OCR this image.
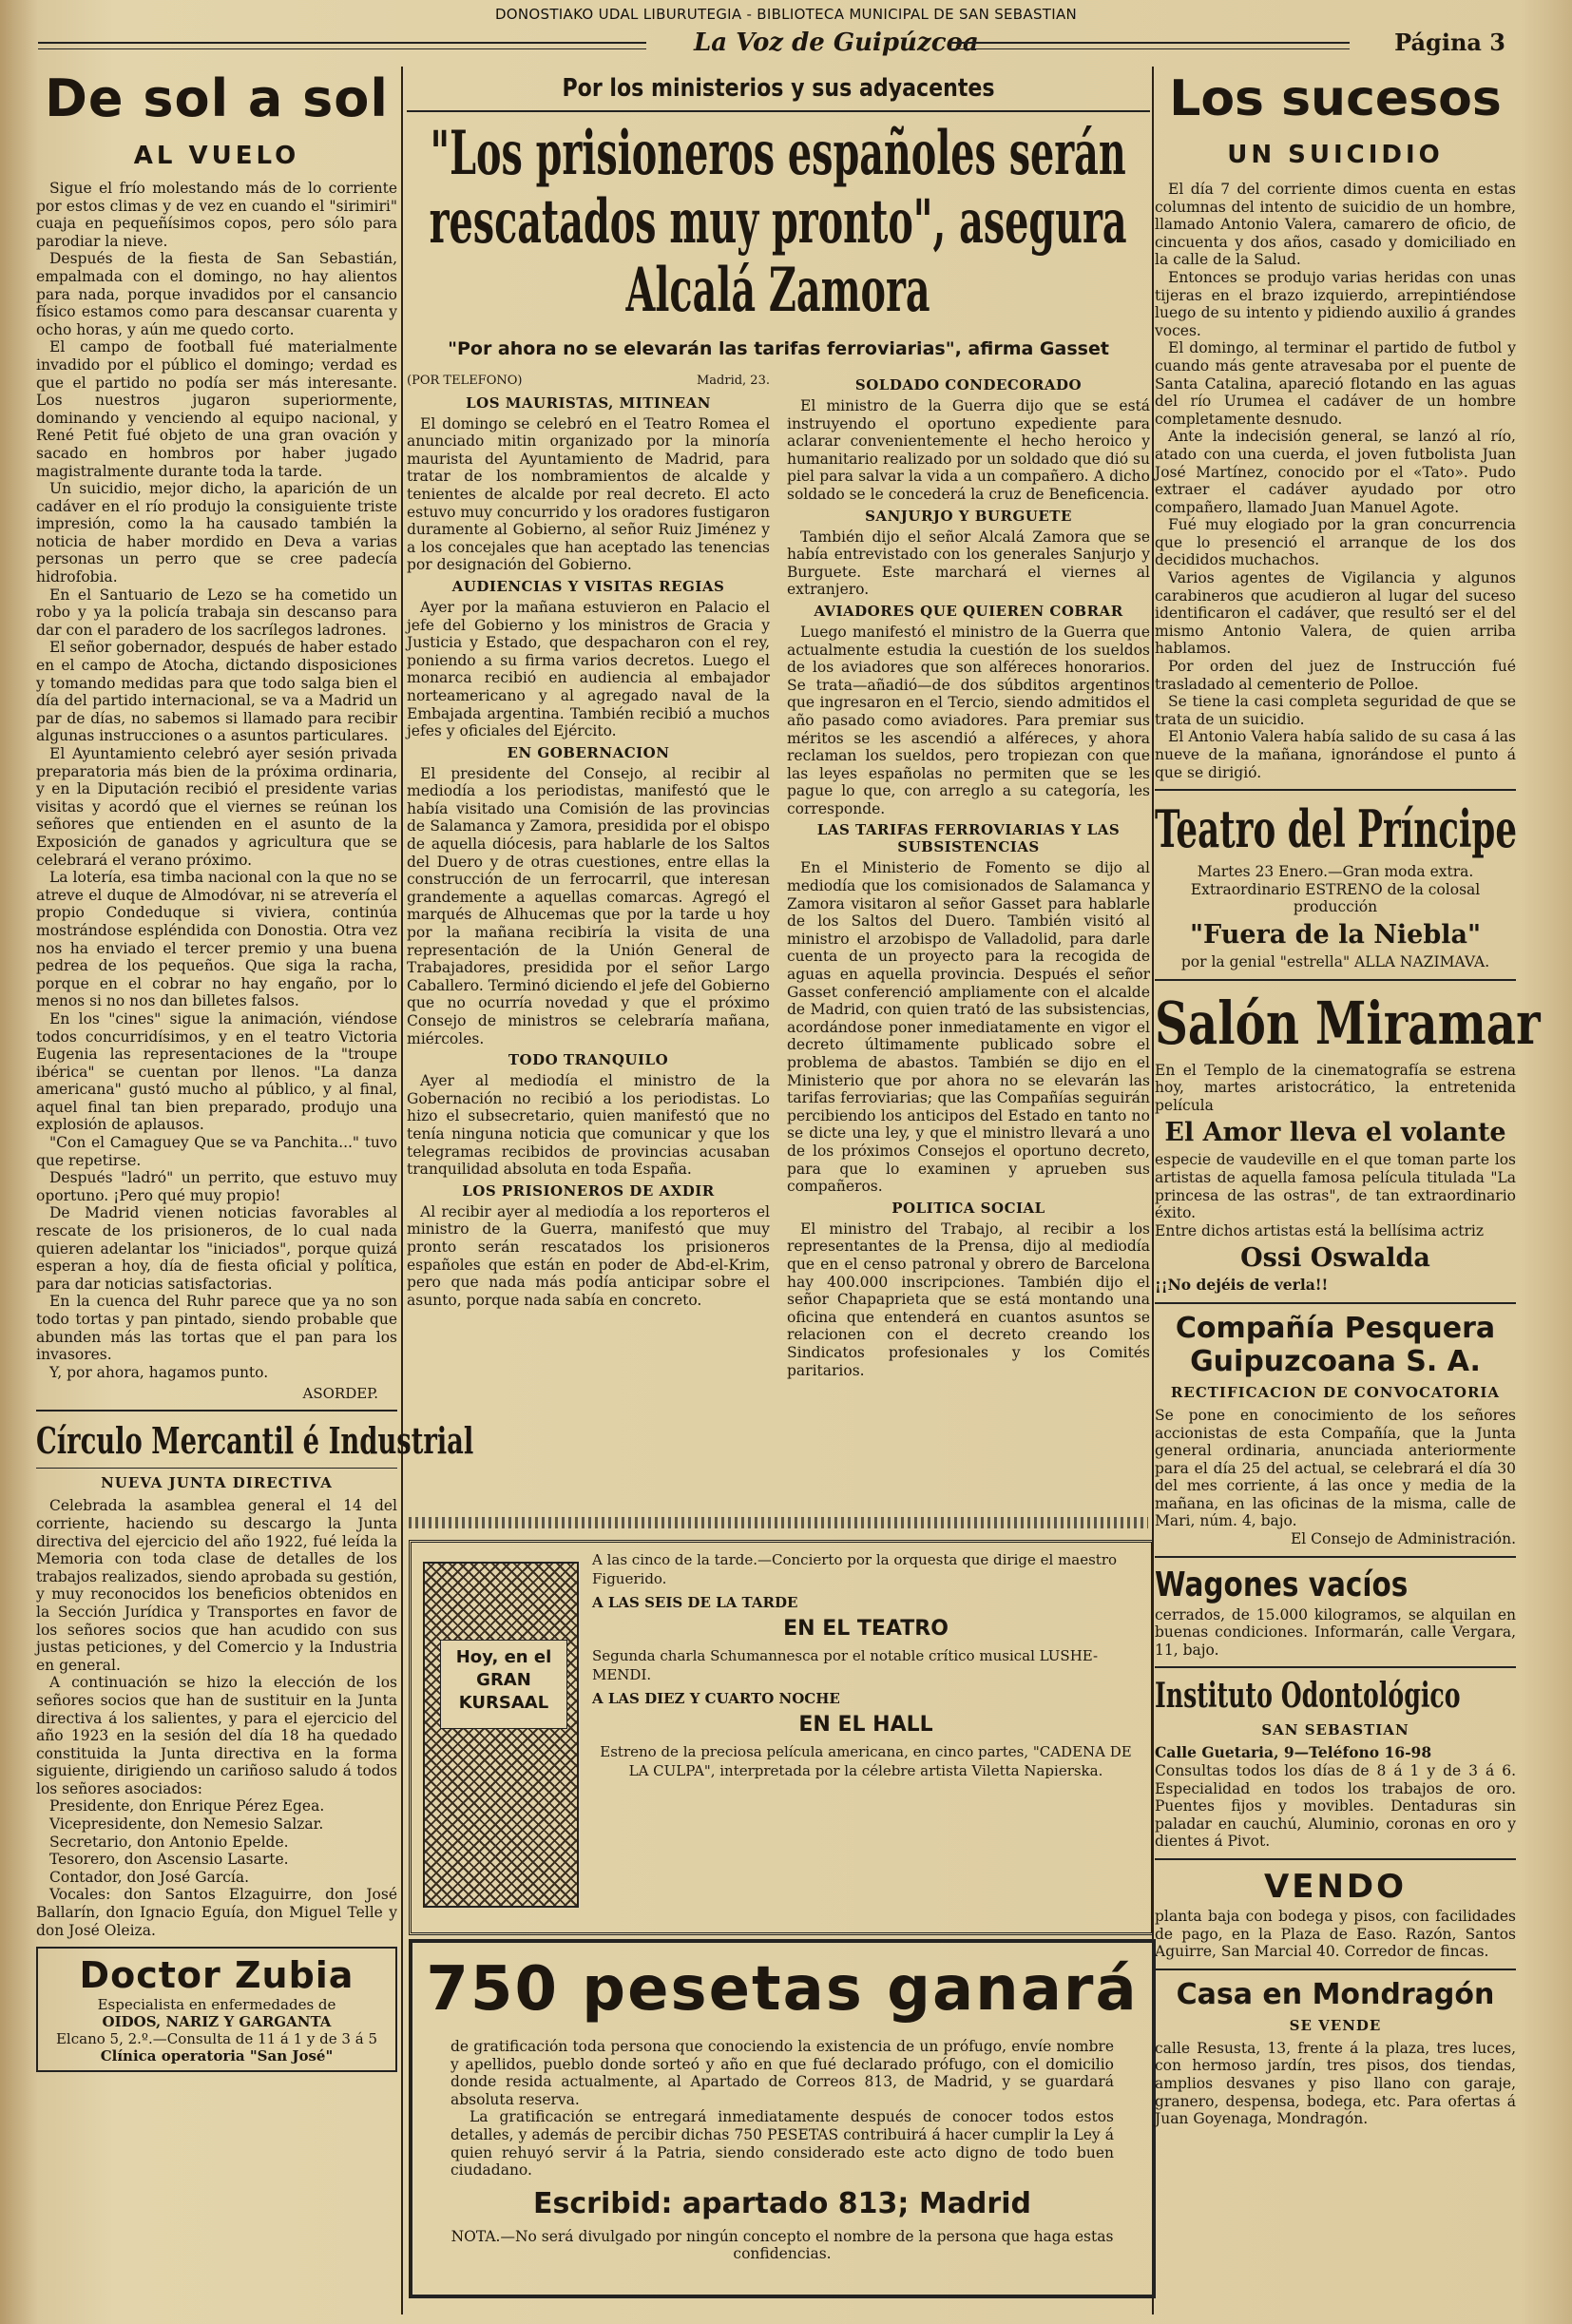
DONOSTIAKO UDAL LIBURUTEGIA - BIBLIOTECA MUNICIPAL DE SAN SEBASTIAN
La Voz de Guipúzcoa	Página 3
De sol a sol
AL VUELO

Sigue el frío molestando más de lo corriente por estos climas y de vez en cuando el "sirimiri" cuaja en pequeñísimos copos, pero sólo para parodiar la nieve.

Después de la fiesta de San Sebastián, empalmada con el domingo, no hay alientos para nada, porque invadidos por el cansancio físico estamos como para descansar cuarenta y ocho horas, y aún me quedo corto.

El campo de football fué materialmente invadido por el público el domingo; verdad es que el partido no podía ser más interesante. Los nuestros jugaron superiormente, dominando y venciendo al equipo nacional, y René Petit fué objeto de una gran ovación y sacado en hombros por haber jugado magistralmente durante toda la tarde.

Un suicidio, mejor dicho, la aparición de un cadáver en el río produjo la consiguiente triste impresión, como la ha causado también la noticia de haber mordido en Deva a varias personas un perro que se cree padecía hidrofobia.

En el Santuario de Lezo se ha cometido un robo y ya la policía trabaja sin descanso para dar con el paradero de los sacrílegos ladrones.

El señor gobernador, después de haber estado en el campo de Atocha, dictando disposiciones y tomando medidas para que todo salga bien el día del partido internacional, se va a Madrid un par de días, no sabemos si llamado para recibir algunas instrucciones o a asuntos particulares.

El Ayuntamiento celebró ayer sesión privada preparatoria más bien de la próxima ordinaria, y en la Diputación recibió el presidente varias visitas y acordó que el viernes se reúnan los señores que entienden en el asunto de la Exposición de ganados y agricultura que se celebrará el verano próximo.

La lotería, esa timba nacional con la que no se atreve el duque de Almodóvar, ni se atrevería el propio Condeduque si viviera, continúa mostrándose espléndida con Donostia. Otra vez nos ha enviado el tercer premio y una buena pedrea de los pequeños. Que siga la racha, porque en el cobrar no hay engaño, por lo menos si no nos dan billetes falsos.

En los "cines" sigue la animación, viéndose todos concurridísimos, y en el teatro Victoria Eugenia las representaciones de la "troupe ibérica" se cuentan por llenos. "La danza americana" gustó mucho al público, y al final, aquel final tan bien preparado, produjo una explosión de aplausos.

"Con el Camaguey Que se va Panchita..." tuvo que repetirse.

Después "ladró" un perrito, que estuvo muy oportuno. ¡Pero qué muy propio!

De Madrid vienen noticias favorables al rescate de los prisioneros, de lo cual nada quieren adelantar los "iniciados", porque quizá esperan a hoy, día de fiesta oficial y política, para dar noticias satisfactorias.

En la cuenca del Ruhr parece que ya no son todo tortas y pan pintado, siendo probable que abunden más las tortas que el pan para los invasores.

Y, por ahora, hagamos punto.

ASORDEP.
Círculo Mercantil é Industrial
NUEVA JUNTA DIRECTIVA

Celebrada la asamblea general el 14 del corriente, haciendo su descargo la Junta directiva del ejercicio del año 1922, fué leída la Memoria con toda clase de detalles de los trabajos realizados, siendo aprobada su gestión, y muy reconocidos los beneficios obtenidos en la Sección Jurídica y Transportes en favor de los señores socios que han acudido con sus justas peticiones, y del Comercio y la Industria en general.

A continuación se hizo la elección de los señores socios que han de sustituir en la Junta directiva á los salientes, y para el ejercicio del año 1923 en la sesión del día 18 ha quedado constituida la Junta directiva en la forma siguiente, dirigiendo un cariñoso saludo á todos los señores asociados:

Presidente, don Enrique Pérez Egea.

Vicepresidente, don Nemesio Salzar.

Secretario, don Antonio Epelde.

Tesorero, don Ascensio Lasarte.

Contador, don José García.

Vocales: don Santos Elzaguirre, don José Ballarín, don Ignacio Eguía, don Miguel Telle y don José Oleiza.

Doctor Zubia
Especialista en enfermedades de
OIDOS, NARIZ Y GARGANTA
Elcano 5, 2.º.—Consulta de 11 á 1 y de 3 á 5
Clínica operatoria "San José"
Por los ministerios y sus adyacentes
"Los prisioneros españoles serán rescatados muy pronto", asegura Alcalá Zamora
"Por ahora no se elevarán las tarifas ferroviarias", afirma Gasset
(POR TELEFONO)	Madrid, 23.
LOS MAURISTAS, MITINEAN

El domingo se celebró en el Teatro Romea el anunciado mitin organizado por la minoría maurista del Ayuntamiento de Madrid, para tratar de los nombramientos de alcalde y tenientes de alcalde por real decreto. El acto estuvo muy concurrido y los oradores fustigaron duramente al Gobierno, al señor Ruiz Jiménez y a los concejales que han aceptado las tenencias por designación del Gobierno.

AUDIENCIAS Y VISITAS REGIAS

Ayer por la mañana estuvieron en Palacio el jefe del Gobierno y los ministros de Gracia y Justicia y Estado, que despacharon con el rey, poniendo a su firma varios decretos. Luego el monarca recibió en audiencia al embajador norteamericano y al agregado naval de la Embajada argentina. También recibió a muchos jefes y oficiales del Ejército.

EN GOBERNACION

El presidente del Consejo, al recibir al mediodía a los periodistas, manifestó que le había visitado una Comisión de las provincias de Salamanca y Zamora, presidida por el obispo de aquella diócesis, para hablarle de los Saltos del Duero y de otras cuestiones, entre ellas la construcción de un ferrocarril, que interesan grandemente a aquellas comarcas. Agregó el marqués de Alhucemas que por la tarde u hoy por la mañana recibiría la visita de una representación de la Unión General de Trabajadores, presidida por el señor Largo Caballero. Terminó diciendo el jefe del Gobierno que no ocurría novedad y que el próximo Consejo de ministros se celebraría mañana, miércoles.

TODO TRANQUILO

Ayer al mediodía el ministro de la Gobernación no recibió a los periodistas. Lo hizo el subsecretario, quien manifestó que no tenía ninguna noticia que comunicar y que los telegramas recibidos de provincias acusaban tranquilidad absoluta en toda España.

LOS PRISIONEROS DE AXDIR

Al recibir ayer al mediodía a los reporteros el ministro de la Guerra, manifestó que muy pronto serán rescatados los prisioneros españoles que están en poder de Abd-el-Krim, pero que nada más podía anticipar sobre el asunto, porque nada sabía en concreto.

SOLDADO CONDECORADO

El ministro de la Guerra dijo que se está instruyendo el oportuno expediente para aclarar convenientemente el hecho heroico y humanitario realizado por un soldado que dió su piel para salvar la vida a un compañero. A dicho soldado se le concederá la cruz de Beneficencia.

SANJURJO Y BURGUETE

También dijo el señor Alcalá Zamora que se había entrevistado con los generales Sanjurjo y Burguete. Este marchará el viernes al extranjero.

AVIADORES QUE QUIEREN COBRAR

Luego manifestó el ministro de la Guerra que actualmente estudia la cuestión de los sueldos de los aviadores que son alféreces honorarios. Se trata—añadió—de dos súbditos argentinos que ingresaron en el Tercio, siendo admitidos el año pasado como aviadores. Para premiar sus méritos se les ascendió a alféreces, y ahora reclaman los sueldos, pero tropiezan con que las leyes españolas no permiten que se les pague lo que, con arreglo a su categoría, les corresponde.

LAS TARIFAS FERROVIARIAS Y LAS SUBSISTENCIAS

En el Ministerio de Fomento se dijo al mediodía que los comisionados de Salamanca y Zamora visitaron al señor Gasset para hablarle de los Saltos del Duero. También visitó al ministro el arzobispo de Valladolid, para darle cuenta de un proyecto para la recogida de aguas en aquella provincia. Después el señor Gasset conferenció ampliamente con el alcalde de Madrid, con quien trató de las subsistencias, acordándose poner inmediatamente en vigor el decreto últimamente publicado sobre el problema de abastos. También se dijo en el Ministerio que por ahora no se elevarán las tarifas ferroviarias; que las Compañías seguirán percibiendo los anticipos del Estado en tanto no se dicte una ley, y que el ministro llevará a uno de los próximos Consejos el oportuno decreto, para que lo examinen y aprueben sus compañeros.

POLITICA SOCIAL

El ministro del Trabajo, al recibir a los representantes de la Prensa, dijo al mediodía que en el censo patronal y obrero de Barcelona hay 400.000 inscripciones. También dijo el señor Chapaprieta que se está montando una oficina que entenderá en cuantos asuntos se relacionen con el decreto creando los Sindicatos profesionales y los Comités paritarios.

Hoy, en el GRAN KURSAAL
A las cinco de la tarde.—Concierto por la orquesta que dirige el maestro Figuerido.
A LAS SEIS DE LA TARDE
EN EL TEATRO
Segunda charla Schumannesca por el notable crítico musical LUSHE-MENDI.
A LAS DIEZ Y CUARTO NOCHE
EN EL HALL
Estreno de la preciosa película americana, en cinco partes, "CADENA DE LA CULPA", interpretada por la célebre artista Viletta Napierska.
750 pesetas ganará
de gratificación toda persona que conociendo la existencia de un prófugo, envíe nombre y apellidos, pueblo donde sorteó y año en que fué declarado prófugo, con el domicilio donde resida actualmente, al Apartado de Correos 813, de Madrid, y se guardará absoluta reserva.
La gratificación se entregará inmediatamente después de conocer todos estos detalles, y además de percibir dichas 750 PESETAS contribuirá á hacer cumplir la Ley á quien rehuyó servir á la Patria, siendo considerado este acto digno de todo buen ciudadano.
Escribid: apartado 813; Madrid
NOTA.—No será divulgado por ningún concepto el nombre de la persona que haga estas confidencias.
Los sucesos
UN SUICIDIO

El día 7 del corriente dimos cuenta en estas columnas del intento de suicidio de un hombre, llamado Antonio Valera, camarero de oficio, de cincuenta y dos años, casado y domiciliado en la calle de la Salud.

Entonces se produjo varias heridas con unas tijeras en el brazo izquierdo, arrepintiéndose luego de su intento y pidiendo auxilio á grandes voces.

El domingo, al terminar el partido de futbol y cuando más gente atravesaba por el puente de Santa Catalina, apareció flotando en las aguas del río Urumea el cadáver de un hombre completamente desnudo.

Ante la indecisión general, se lanzó al río, atado con una cuerda, el joven futbolista Juan José Martínez, conocido por el «Tato». Pudo extraer el cadáver ayudado por otro compañero, llamado Juan Manuel Agote.

Fué muy elogiado por la gran concurrencia que lo presenció el arranque de los dos decididos muchachos.

Varios agentes de Vigilancia y algunos carabineros que acudieron al lugar del suceso identificaron el cadáver, que resultó ser el del mismo Antonio Valera, de quien arriba hablamos.

Por orden del juez de Instrucción fué trasladado al cementerio de Polloe.

Se tiene la casi completa seguridad de que se trata de un suicidio.

El Antonio Valera había salido de su casa á las nueve de la mañana, ignorándose el punto á que se dirigió.

Teatro del Príncipe
Martes 23 Enero.—Gran moda extra.
Extraordinario ESTRENO de la colosal producción
"Fuera de la Niebla"
por la genial "estrella" ALLA NAZIMAVA.
Salón Miramar
En el Templo de la cinematografía se estrena hoy, martes aristocrático, la entretenida película
El Amor lleva el volante
especie de vaudeville en el que toman parte los artistas de aquella famosa película titulada "La princesa de las ostras", de tan extraordinario éxito.
Entre dichos artistas está la bellísima actriz
Ossi Oswalda
¡¡No dejéis de verla!!
Compañía Pesquera Guipuzcoana S. A.
RECTIFICACION DE CONVOCATORIA
Se pone en conocimiento de los señores accionistas de esta Compañía, que la Junta general ordinaria, anunciada anteriormente para el día 25 del actual, se celebrará el día 30 del mes corriente, á las once y media de la mañana, en las oficinas de la misma, calle de Mari, núm. 4, bajo.
El Consejo de Administración.
Wagones vacíos
cerrados, de 15.000 kilogramos, se alquilan en buenas condiciones. Informarán, calle Vergara, 11, bajo.
Instituto Odontológico
SAN SEBASTIAN
Calle Guetaria, 9—Teléfono 16-98
Consultas todos los días de 8 á 1 y de 3 á 6. Especialidad en todos los trabajos de oro. Puentes fijos y movibles. Dentaduras sin paladar en cauchú, Aluminio, coronas en oro y dientes á Pivot.
VENDO
planta baja con bodega y pisos, con facilidades de pago, en la Plaza de Easo. Razón, Santos Aguirre, San Marcial 40. Corredor de fincas.
Casa en Mondragón
SE VENDE
calle Resusta, 13, frente á la plaza, tres luces, con hermoso jardín, tres pisos, dos tiendas, amplios desvanes y piso llano con garaje, granero, despensa, bodega, etc. Para ofertas á Juan Goyenaga, Mondragón.
